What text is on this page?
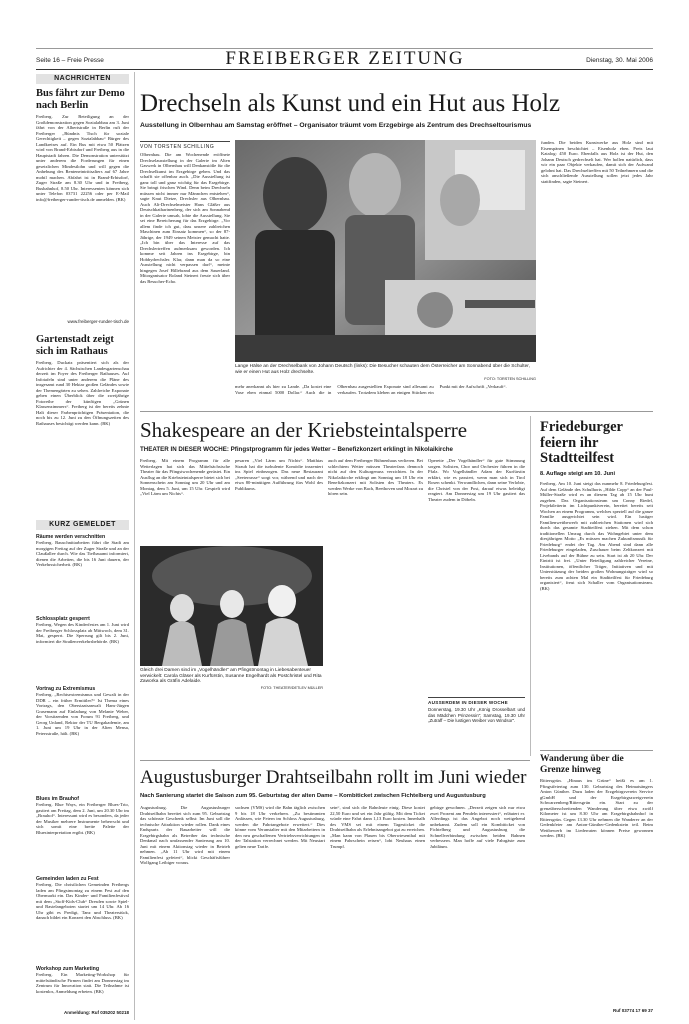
Seite 16 – Freie Presse	FREIBERGER ZEITUNG	Dienstag, 30. Mai 2006
NACHRICHTEN
Bus fährt zur Demo nach Berlin
Freiberg. Zur Beteiligung an der Großdemonstration gegen Sozialabbau am 3. Juni fährt von der Albertstraße in Berlin ruft der Freiberger „Bündnis Tisch für soziale Gerechtigkeit – gegen Sozialabbau“ Bürger des Landkreises auf. Ein Bus mit etwa 50 Plätzen wird von Brand-Erbisdorf und Freiberg aus in die Hauptstadt fahren. Die Demonstration unterstützt unter anderem die Forderungen für einen gesetzlichen Mindestlohn und will gegen die Anhebung des Renteneintrittsalters auf 67 Jahre mobil machen. Abfahrt ist in Brand-Erbisdorf, Zuger Straße am 8.30 Uhr und in Freiberg, Busbahnhof, 8.50 Uhr. Interessenten können sich unter Telefon 03731 22256 oder per E-Mail info@freiberger-runder-tisch.de anmelden. (BK)
www.freiberger-runder-tisch.de
Gartenstadt zeigt sich im Rathaus
Freiberg. Duckatz präsentiert sich als der Aufrichter der 4. Sächsischen Landesgartenschau derzeit im Foyer des Freiberger Rathauses. Auf Infotafeln sind unter anderem die Pläne des insgesamt rund 30 Hektar großen Geländes sowie der Themengärten zu sehen. Zahlreiche Exponate geben einen Überblick über die zweijährige Fotoreihe der künftigen „Grünen Klassenzimmers“. Freiberg ist der bereits zehnte Halt dieser Farbenprächtigen Präsentation, die noch bis zu 12. Juni zu den Öffnungszeiten des Rathauses besichtigt werden kann. (BK)
KURZ GEMELDET
Räume werden verschnitten
Freiberg. Bauschnittarbeiten führt die Stadt am morgigen Freitag auf der Zuger Straße und an der Claußallee durch. Wie das Tiefbauamt informiert, dienen die Arbeiten, die bis 16 Juni dauern, der Verkehrssicherheit. (BK)
Schlossplatz gesperrt
Freiberg. Wegen des Kinderfestes am 1. Juni wird der Freiberger Schlossplatz ab Mittwoch, dem 31. Mai, gesperrt. Die Sperrung gilt bis 2. Juni, informiert die Straßenverkehrsbehörde. (BK)
Vortrag zu Extremismus
Freiberg. „Rechtsextremismus und Gewalt in der DDR – ein früher Ermittler?“ Ist Thema eines Vortrags, den Oberstaatsanwalt Hans-Jürgen Grasemann auf Einladung von Melanie Weber, der Vorsitzenden von Forum 91 Freiberg, und Georg Unland, Rektor der TU Bergakademie, am 1. Juni um 19 Uhr in der Alten Mensa, Petersstraße, hält. (BK)
Blues im Brauhof
Freiberg. Blue Ways, ein Freiberger Blues-Trio, gastiert am Freitag, dem 2. Juni, um 20.30 Uhr im „Brauhof“. Interessant wird es besonders, da jeder der Musiker mehrere Instrumente beherrscht und sich somit eine breite Palette der Bluesinterpretation ergibt. (BK)
Gemeinden laden zu Fest
Freiberg. Die christlichen Gemeinden Freibergs laden am Pfingstmontag zu einem Fest auf den Obermarkt ein. Das Kinder- und Familienfestival mit dem „Stoff-Kids-Club“ Dresden sowie Spiel- und Bastelangeboten startet um 14 Uhr. Ab 16 Uhr gibt es Predigt, Tanz und Theaterstück, danach bildet ein Konzert den Abschluss. (BK)
Workshop zum Marketing
Freiberg. Ein Marketing-Workshop für mittelständische Firmen findet am Donnerstag im Zentrum für Innovation statt. Die Teilnahme ist kostenlos, Anmeldung erbeten. (BK)
Anmeldung: Ruf 035202 50218
Drechseln als Kunst und ein Hut aus Holz
Ausstellung in Olbernhau am Samstag eröffnet – Organisator träumt vom Erzgebirge als Zentrum des Drechseltourismus
VON TORSTEN SCHILLING
Olbernhau. Die am Wochenende eröffnete Drechselausstellung in der Galerie im Alten Gaswerk in Olbernhau will Denkanstöße für die Drechselkunst im Erzgebirge geben. Und das schafft sie offenbar auch. „Die Ausstellung ist ganz toll und ganz wichtig für das Erzgebirge. Sie bringt frischen Wind. Denn beim Drechseln müssen nicht immer nur Männchen entstehen“, sagte Knut Dietze, Drechsler aus Olbernhau. Auch Alt-Drechselmeister Hans Gläßer aus Deutschkatharinenberg, der sich am Sonnabend in der Galerie umsah, lobte die Ausstellung. Sie sei eine Bereicherung für das Erzgebirge. „Vor allem finde ich gut, dass unsere zahlreichen Maschinen zum Einsatz kommen“, so der 87-Jährige, der 1949 seinen Meister gemacht hatte. „Ich bin über das Interesse auf das Drechslertreffen aufmerksam geworden. Ich komme seit Jahren ins Erzgebirge, bin Hobbydrechsler. Klar, dann man da so eine Ausstellung nicht verpassen darf“, meinte hingegen Josef Hillebrand aus dem Sauerland. Mitorganisator Roland Steinert freute sich über das Besucher-Echo.
Lange Hälse an der Drechselbank von Johann Deutsch (links): Die Besucher schauten dem Österreicher am Sonnabend über die Schulter, wie er einen Hut aus Holz drechselte.
FOTO: TORSTEN SCHILLING
mehr anerkannt als hier zu Lande. „Da kostet eine Vase eben einmal 5000 Dollar.“ Auch die in Olbernhau ausgestellten Exponate sind allesamt zu verkaufen. Trotzdem kleben an einigen Stücken ein Punkt mit der Aufschrift „Verkauft“.
funden. Die beiden Kunstwerke aus Holz sind mit Eisenspänen beschichtet – Eisenholz eben. Preis laut Katalog: 450 Euro. Ebenfalls aus Holz ist der Hut, den Johann Deutsch gedrechselt hat. Wer hollen natürlich, dass wir ein paar Objekte verkaufen, damit sich der Aufwand gelohnt hat. Das Drechseltreffen mit 50 Teilnehmern und die sich anschließende Ausstellung sollen jetzt jedes Jahr stattfinden, sagte Steinert.
Shakespeare an der Kriebsteintalsperre
THEATER IN DIESER WOCHE: Pfingstprogramm für jedes Wetter – Benefizkonzert erklingt in Nikolaikirche
Freiberg. Mit einem Programm für alle Wetterlagen hat sich das Mittelsächsische Theater für das Pfingstwochenende gerüstet. Ein Ausflug an die Kriebsteintalsperre bietet sich bei Sonnenschein am Sonntag um 20 Uhr und am Montag, dem 5. Juni, um 15 Uhr. Gespielt wird „Viel Lärm um Nichts“.
pesaren „Viel Lärm um Nichts“. Matthias Straub hat die turbulente Komödie inszeniert ins Spiel einbezogen. Das neue Restaurant „Seeterrasse“ sorgt vor, während und nach der etwa 80-minütigen Aufführung fürs Wohl des Publikums.
Gleich drei Damen sind im „Vogelhändler“ am Pfingstmontag in Liebesabenteuer verwickelt: Carola Gläser als Kurfürstin, Susanne Engelhardt als Postchristel und Rita Zaworka als Gräfin Adelaide.
FOTO: THEATER/DETLEV MÜLLER
auch auf dem Freiberger Bühnenhaus verlieren. Bei schlechtem Wetter müssen Theaterfans dennoch nicht auf den Kulturgenuss verzichten. In der Nikolaikirche erklingt am Sonntag um 18 Uhr ein Benefizkonzert mit Solisten des Theaters. Es werden Werke von Bach, Beethoven und Mozart zu hören sein.
Operette „Der Vogelhändler“ für gute Stimmung sorgen. Solisten, Chor und Orchester führen in die Pfalz. Wo Vogelhändler Adam der Kurfürstin erklärt, wie es passiert, wenn man sich in Tirol Rosen schenkt. Verwandlichen, dann seine Verlobte, die Christel von der Post, darauf etwas beleidigt reagiert. Am Donnerstag um 19 Uhr gastiert das Theater zudem in Döbeln.
AUSSERDEM IN DIESER WOCHE
Donnerstag, 19.30 Uhr „König Drosselbart und das Mädchen Prinzessin“; Samstag, 19.30 Uhr „Zutraff – Die lustigen Weiber von Windsor“.
Friedeburger feiern ihr Stadtteilfest
8. Auflage steigt am 10. Juni
Freiberg. Am 10. Juni steigt das nunmehr 8. Friedeburgfest. Auf dem Gelände des Schulhorts „Hilde Copp“ an der Paul-Müller-Straße wird es an diesem Tag ab 15 Uhr bunt zugehen. Das Organisationsteam um Conny Riedel, Projektleiterin im Lichtpunktverein, bereitet bereits seit Wochen an einem Programm, welches speziell auf die ganze Familie ausgerichtet sein wird. Ein lustiger Familienwettbewerb mit zahlreichen Stationen wird sich durch das gesamte Stadtteilfest ziehen. Mit dem schon traditionellen Umzug durch das Wohngebiet unter dem diesjährigen Motto „Es müssen machen Zukunftsmusik für Friedeburg“ endet der Tag. Am Abend sind dann alle Friedeburger eingeladen, Zuschauer beim Zeltkonzert mit Livebands auf der Bühne zu sein. Start ist ab 20 Uhr. Der Eintritt ist frei. „Unter Beteiligung zahlreicher Vereine, Institutionen, öffentlicher Träger, Initiativen und mit Unterstützung der beiden großen Wohnungsträger wird so bereits zum achten Mal ein Stadtteilfest für Friedeburg organisiert“, freut sich Schaller vom Organisationsteam. (BK)
Augustusburger Drahtseilbahn rollt im Juni wieder
Nach Sanierung startet die Saison zum 95. Geburtstag der alten Dame – Kombiticket zwischen Fichtelberg und Augustusburg
Augustusburg. Die Augustusburger Drahtseilbahn bereitet sich zum 95. Geburtstag das schönste Geschenk selbst: Im Juni soll die technische Attraktion wieder rollen. Dank eines Endspurts der Bauarbeiter will die Erzgebirgsbahn als Betreiber das technische Denkmal nach umfassender Sanierung am 10. Juni mit einem Aktionstag wieder in Betrieb nehmen. „Ab 11 Uhr wird mit einem Familienfest gefeiert“, blickt Geschäftsführer Wolfgang Leibiger voraus.
sachsen (VMS) wird die Bahn täglich zwischen 9 bis 18 Uhr verkehren. „Zu bestimmten Anlässen, wie Feiern im Schloss Augustusburg, werden die Fahrtangebote erweitert.“ Dies könne vom Veranstalter mit den Mitarbeitern in den neu geschaffenen Vertriebsverrichtungen in der Talstation verrechnet werden. Mit Neustart gelten neue Tarife.
sein“, sind sich die Bahnleute einig. Diese kostet 22,50 Euro und sei ein Jahr gültig. Mit dem Ticket würde eine Fahrt dann 1,13 Euro kosten. Innerhalb des VMS sei mit einem Tagesticket die Drahtseilbahn als Erlebnisangebot gut zu erreichen. „Man kann von Plauen bis Oberwiesenthal mit einem Fahrschein reisen“, lobt Neuhaus einen Trumpf.
gebirge gewohnen. „Derzeit zeigen sich nur etwa zwei Prozent am Pendeln interessiert“, erläutert er. Allerdings ist das Angebot noch weitgehend unbekannt. Zudem soll ein Kombiticket von Fichtelberg und Augustusburg die Schnellverbindung zwischen beiden Bahnen verbessern. Man hoffe auf viele Fahrgäste zum Jubiläum.
Wanderung über die Grenze hinweg
Rittersgrün. „Hinaus ins Grüne“ heißt es am 1. Pfingstfeiertag zum 130. Geburtstag des Heimatsängers Anton Günther. Dazu laden der Erzgebirgsverein Service gGmbH und der Erzgebirgszweigverein Schwarzenberg/Rittersgrün ein. Start zu der grenzüberschreitenden Wanderung über etwa zwölf Kilometer ist um 8.30 Uhr am Erzgebirgsbahnhof in Rittersgrün. Gegen 13.30 Uhr nehmen die Wanderer an der Gedenkfeier am Anton-Günther-Gedenkstein teil. Beim Wettbewerb im Liederraten können Preise gewonnen werden. (BK)
Ruf 03774 17 69 37
